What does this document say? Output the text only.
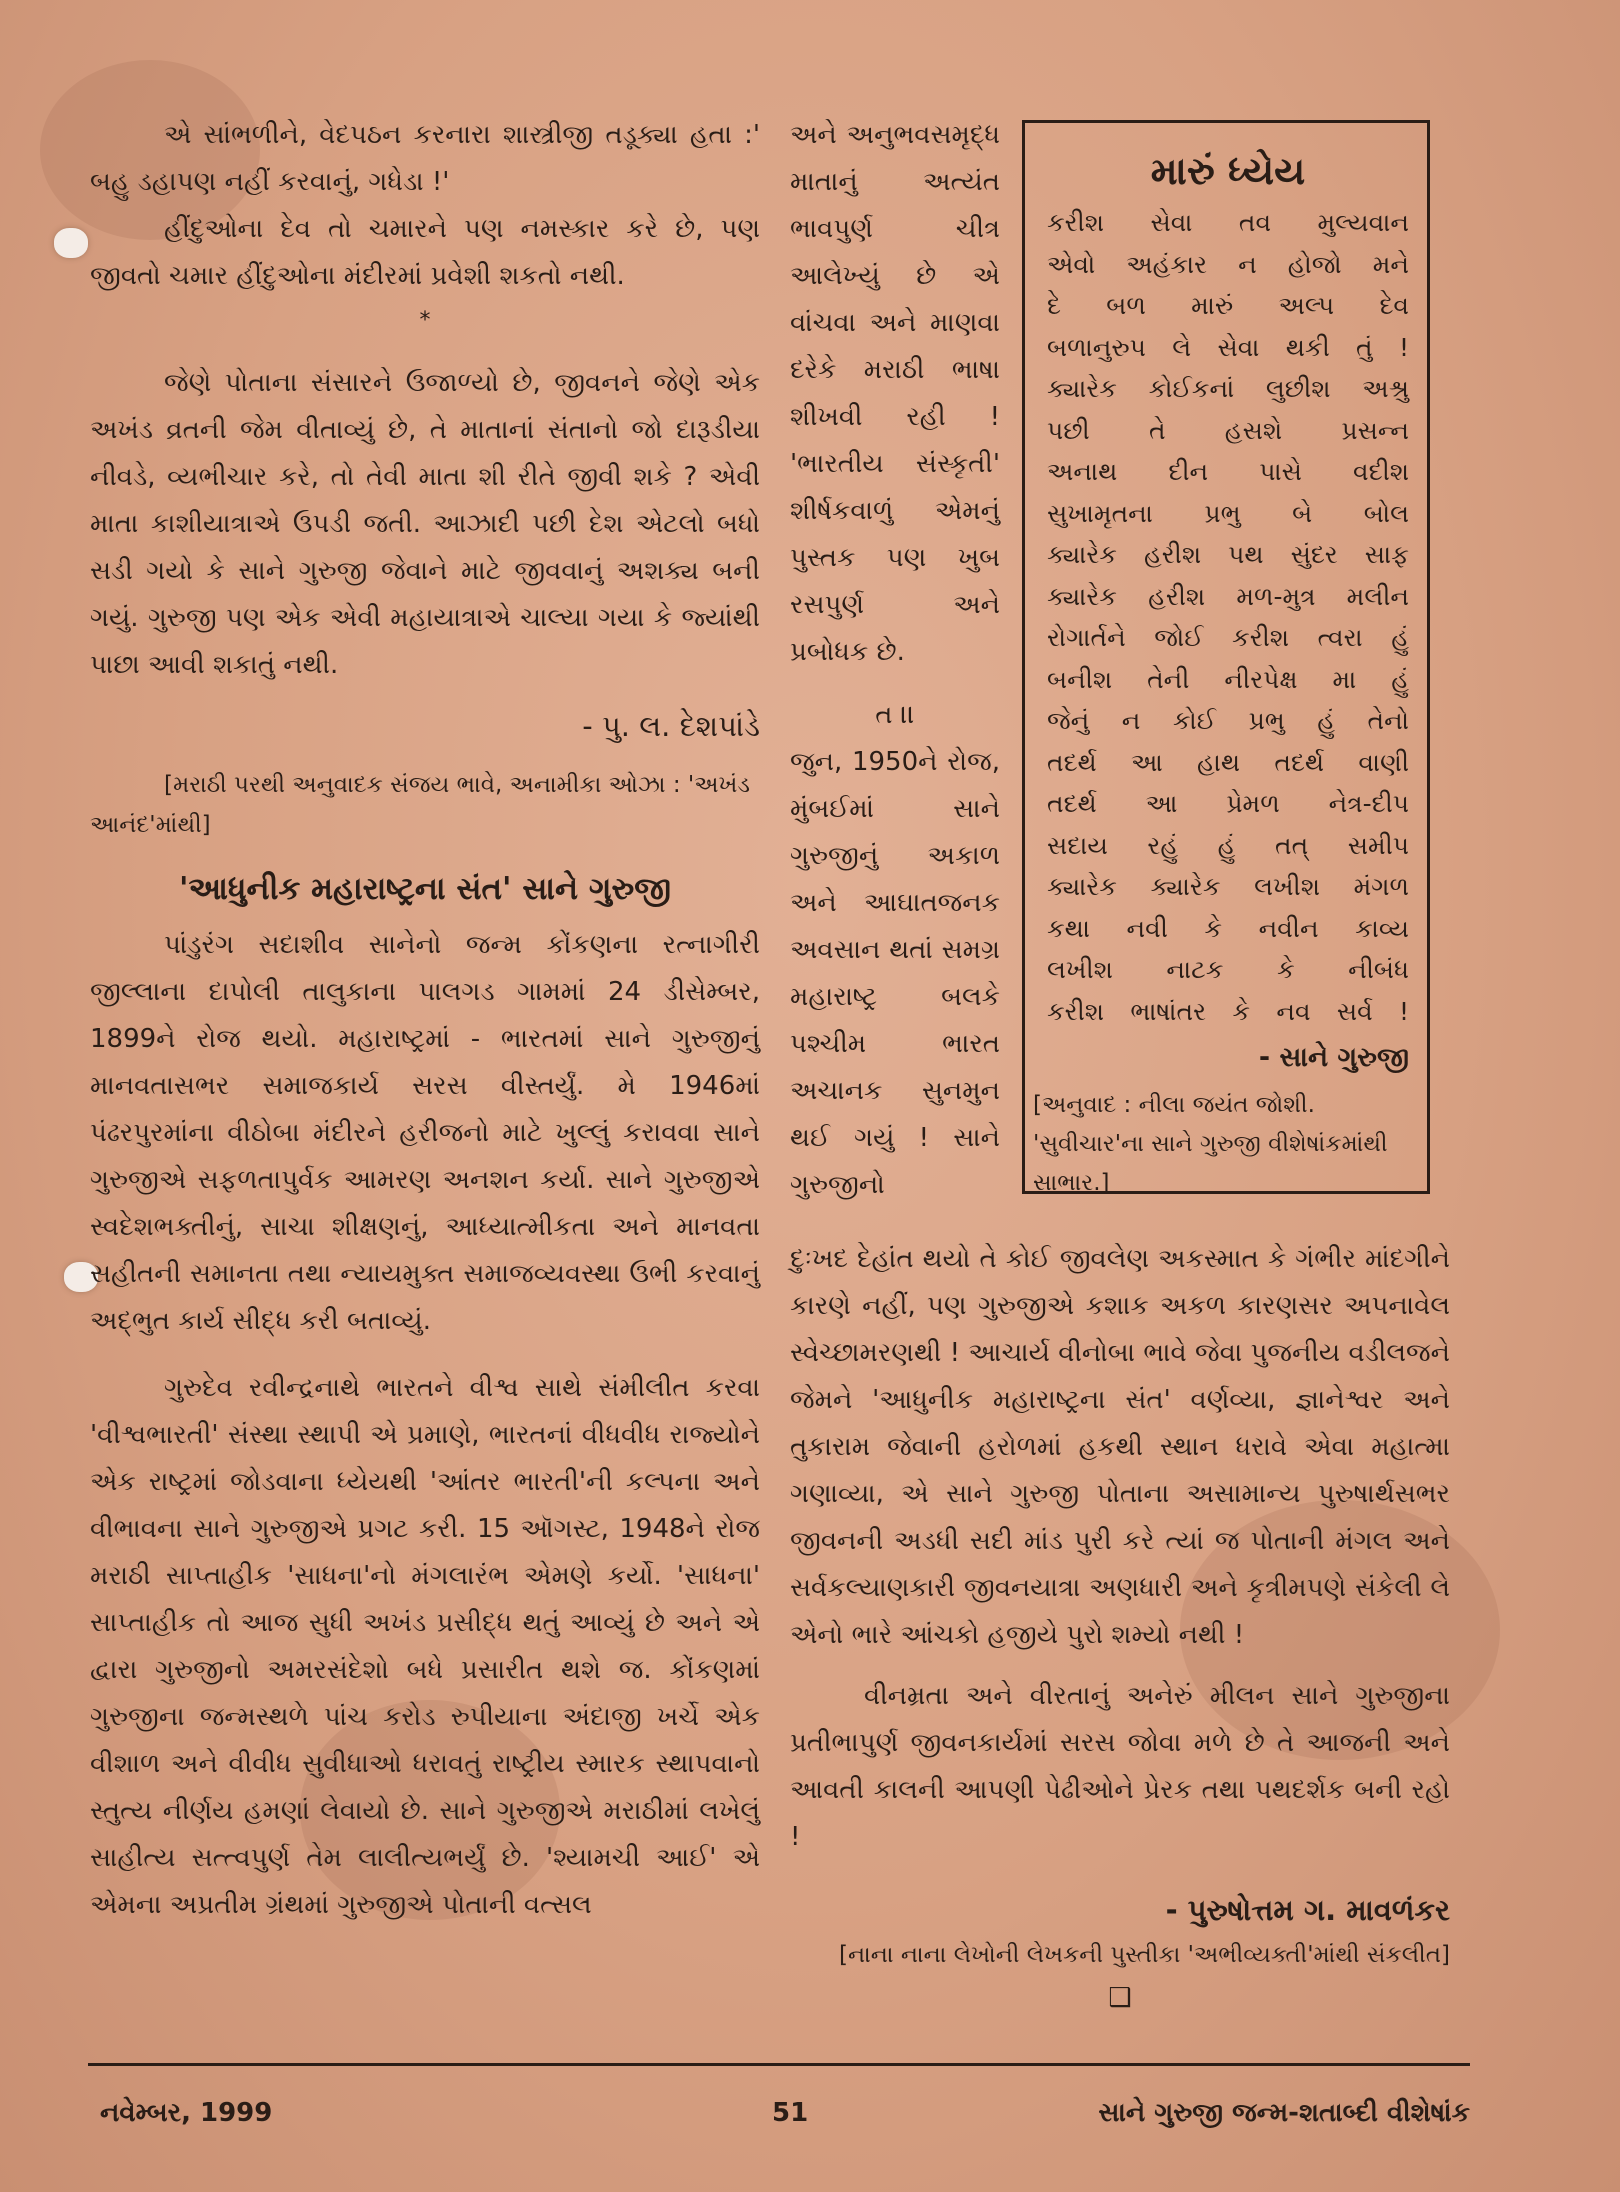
એ સાંભળીને, વેદપઠન કરનારા શાસ્ત્રીજી તડૂક્યા હતા :' બહુ ડહાપણ નહીં કરવાનું, ગધેડા !'

હીંદુઓના દેવ તો ચમારને પણ નમસ્કાર કરે છે, પણ જીવતો ચમાર હીંદુઓના મંદીરમાં પ્રવેશી શકતો નથી.

*

જેણે પોતાના સંસારને ઉજાળ્યો છે, જીવનને જેણે એક અખંડ વ્રતની જેમ વીતાવ્યું છે, તે માતાનાં સંતાનો જો દારૂડીયા નીવડે, વ્યભીચાર કરે, તો તેવી માતા શી રીતે જીવી શકે ? એવી માતા કાશીયાત્રાએ ઉપડી જતી. આઝાદી પછી દેશ એટલો બધો સડી ગયો કે સાને ગુરુજી જેવાને માટે જીવવાનું અશક્ય બની ગયું. ગુરુજી પણ એક એવી મહાયાત્રાએ ચાલ્યા ગયા કે જ્યાંથી પાછા આવી શકાતું નથી.

- પુ. લ. દેશપાંડે

[મરાઠી પરથી અનુવાદક સંજય ભાવે, અનામીકા ઓઝા : 'અખંડ આનંદ'માંથી]

'આધુનીક મહારાષ્ટ્રના સંત' સાને ગુરુજી

પાંડુરંગ સદાશીવ સાનેનો જન્મ કોંકણના રત્નાગીરી જીલ્લાના દાપોલી તાલુકાના પાલગડ ગામમાં 24 ડીસેમ્બર, 1899ને રોજ થયો. મહારાષ્ટ્રમાં - ભારતમાં સાને ગુરુજીનું માનવતાસભર સમાજકાર્ય સરસ વીસ્તર્યું. મે 1946માં પંઢરપુરમાંના વીઠોબા મંદીરને હરીજનો માટે ખુલ્લું કરાવવા સાને ગુરુજીએ સફળતાપુર્વક આમરણ અનશન કર્યા. સાને ગુરુજીએ સ્વદેશભક્તીનું, સાચા શીક્ષણનું, આધ્યાત્મીકતા અને માનવતા સહીતની સમાનતા તથા ન્યાયમુક્ત સમાજવ્યવસ્થા ઉભી કરવાનું અદ્ભુત કાર્ય સીદ્ધ કરી બતાવ્યું.

ગુરુદેવ રવીન્દ્રનાથે ભારતને વીશ્વ સાથે સંમીલીત કરવા 'વીશ્વભારતી' સંસ્થા સ્થાપી એ પ્રમાણે, ભારતનાં વીધવીધ રાજ્યોને એક રાષ્ટ્રમાં જોડવાના ધ્યેયથી 'આંતર ભારતી'ની કલ્પના અને વીભાવના સાને ગુરુજીએ પ્રગટ કરી. 15 ઑગસ્ટ, 1948ને રોજ મરાઠી સાપ્તાહીક 'સાધના'નો મંગલારંભ એમણે કર્યો. 'સાધના' સાપ્તાહીક તો આજ સુધી અખંડ પ્રસીદ્ધ થતું આવ્યું છે અને એ દ્વારા ગુરુજીનો અમરસંદેશો બધે પ્રસારીત થશે જ. કોંકણમાં ગુરુજીના જન્મસ્થળે પાંચ કરોડ રુપીયાના અંદાજી ખર્ચે એક વીશાળ અને વીવીધ સુવીધાઓ ધરાવતું રાષ્ટ્રીય સ્મારક સ્થાપવાનો સ્તુત્ય નીર્ણય હમણાં લેવાયો છે. સાને ગુરુજીએ મરાઠીમાં લખેલું સાહીત્ય સત્ત્વપુર્ણ તેમ લાલીત્યભર્યું છે. 'શ્યામચી આઈ' એ એમના અપ્રતીમ ગ્રંથમાં ગુરુજીએ પોતાની વત્સલ

અને અનુભવસમૃદ્ધ માતાનું અત્યંત ભાવપુર્ણ ચીત્ર આલેખ્યું છે એ વાંચવા અને માણવા દરેકે મરાઠી ભાષા શીખવી રહી ! 'ભારતીય સંસ્કૃતી' શીર્ષકવાળું એમનું પુસ્તક પણ ખુબ રસપુર્ણ અને પ્રબોધક છે.

ત ।।

જુન, 1950ને રોજ, મુંબઈમાં સાને ગુરુજીનું અકાળ અને આઘાતજનક અવસાન થતાં સમગ્ર મહારાષ્ટ્ર બલકે પશ્ચીમ ભારત અચાનક સુનમુન થઈ ગયું ! સાને ગુરુજીનો

મારું ધ્યેય

કરીશ સેવા તવ મુલ્યવાન

એવો અહંકાર ન હોજો મને

દે બળ મારું અલ્પ દેવ

બળાનુરુપ લે સેવા થકી તું !

ક્યારેક કોઈકનાં લુછીશ અશ્રુ

પછી તે હસશે પ્રસન્ન

અનાથ દીન પાસે વદીશ

સુખામૃતના પ્રભુ બે બોલ

ક્યારેક હરીશ પથ સુંદર સાફ

ક્યારેક હરીશ મળ-મુત્ર મલીન

રોગાર્તને જોઈ કરીશ ત્વરા હું

બનીશ તેની નીરપેક્ષ મા હું

જેનું ન કોઈ પ્રભુ હું તેનો

તદર્થ આ હાથ તદર્થ વાણી

તદર્થ આ પ્રેમળ નેત્ર-દીપ

સદાય રહું હું તત્ સમીપ

ક્યારેક ક્યારેક લખીશ મંગળ

કથા નવી કે નવીન કાવ્ય

લખીશ નાટક કે નીબંધ

કરીશ ભાષાંતર કે નવ સર્વ !

- સાને ગુરુજી

[અનુવાદ : નીલા જયંત જોશી. 'સુવીચાર'ના સાને ગુરુજી વીશેષાંકમાંથી સાભાર.]

દુઃખદ દેહાંત થયો તે કોઈ જીવલેણ અકસ્માત કે ગંભીર માંદગીને કારણે નહીં, પણ ગુરુજીએ કશાક અકળ કારણસર અપનાવેલ સ્વેચ્છામરણથી ! આચાર્ય વીનોબા ભાવે જેવા પુજનીય વડીલજને જેમને 'આધુનીક મહારાષ્ટ્રના સંત' વર્ણવ્યા, જ્ઞાનેશ્વર અને તુકારામ જેવાની હરોળમાં હકથી સ્થાન ધરાવે એવા મહાત્મા ગણાવ્યા, એ સાને ગુરુજી પોતાના અસામાન્ય પુરુષાર્થસભર જીવનની અડધી સદી માંડ પુરી કરે ત્યાં જ પોતાની મંગલ અને સર્વકલ્યાણકારી જીવનયાત્રા અણધારી અને કૃત્રીમપણે સંકેલી લે એનો ભારે આંચકો હજીયે પુરો શમ્યો નથી !

વીનમ્રતા અને વીરતાનું અનેરું મીલન સાને ગુરુજીના પ્રતીભાપુર્ણ જીવનકાર્યમાં સરસ જોવા મળે છે તે આજની અને આવતી કાલની આપણી પેઢીઓને પ્રેરક તથા પથદર્શક બની રહો !

- પુરુષોત્તમ ગ. માવળંકર

[નાના નાના લેખોની લેખકની પુસ્તીકા 'અભીવ્યક્તી'માંથી સંકલીત]

❑

નવેમ્બર, 1999	51	સાને ગુરુજી જન્મ-શતાબ્દી વીશેષાંક
